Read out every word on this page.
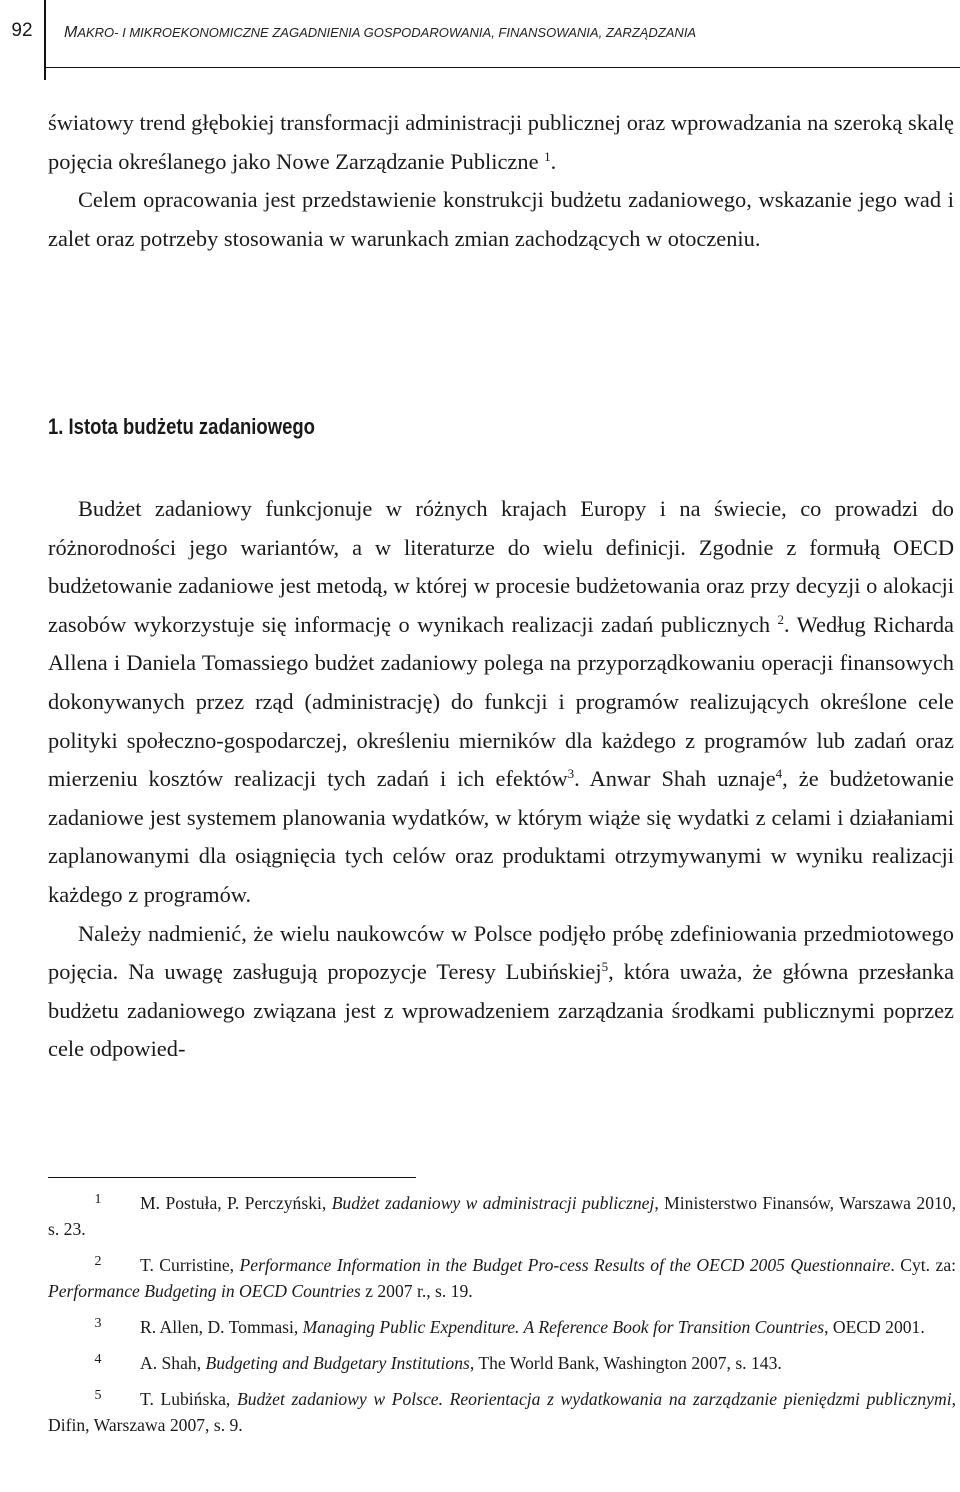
92	MAKRO- I MIKROEKONOMICZNE ZAGADNIENIA GOSPODAROWANIA, FINANSOWANIA, ZARZĄDZANIA

światowy trend głębokiej transformacji administracji publicznej oraz wprowadzania na szeroką skalę pojęcia określanego jako Nowe Zarządzanie Publiczne $^1$.

Celem opracowania jest przedstawienie konstrukcji budżetu zadaniowego, wskazanie jego wad i zalet oraz potrzeby stosowania w warunkach zmian zachodzących w otoczeniu.

1. Istota budżetu zadaniowego

Budżet zadaniowy funkcjonuje w różnych krajach Europy i na świecie, co prowadzi do różnorodności jego wariantów, a w literaturze do wielu definicji. Zgodnie z formułą OECD budżetowanie zadaniowe jest metodą, w której w procesie budżetowania oraz przy decyzji o alokacji zasobów wykorzystuje się informację o wynikach realizacji zadań publicznych $^2$. Według Richarda Allena i Daniela Tomassiego budżet zadaniowy polega na przyporządkowaniu operacji finansowych dokonywanych przez rząd (administrację) do funkcji i programów realizujących określone cele polityki społeczno-gospodarczej, określeniu mierników dla każdego z programów lub zadań oraz mierzeniu kosztów realizacji tych zadań i ich efektów$^3$. Anwar Shah uznaje$^4$, że budżetowanie zadaniowe jest systemem planowania wydatków, w którym wiąże się wydatki z celami i działaniami zaplanowanymi dla osiągnięcia tych celów oraz produktami otrzymywanymi w wyniku realizacji każdego z programów.

Należy nadmienić, że wielu naukowców w Polsce podjęło próbę zdefiniowania przedmiotowego pojęcia. Na uwagę zasługują propozycje Teresy Lubińskiej$^5$, która uważa, że główna przesłanka budżetu zadaniowego związana jest z wprowadzeniem zarządzania środkami publicznymi poprzez cele odpowied-

1 M. Postuła, P. Perczyński, Budżet zadaniowy w administracji publicznej, Ministerstwo Finansów, Warszawa 2010, s. 23.

2 T. Curristine, Performance Information in the Budget Pro-cess Results of the OECD 2005 Questionnaire. Cyt. za: Performance Budgeting in OECD Countries z 2007 r., s. 19.

3 R. Allen, D. Tommasi, Managing Public Expenditure. A Reference Book for Transition Countries, OECD 2001.

4 A. Shah, Budgeting and Budgetary Institutions, The World Bank, Washington 2007, s. 143.

5 T. Lubińska, Budżet zadaniowy w Polsce. Reorientacja z wydatkowania na zarządzanie pieniędzmi publicznymi, Difin, Warszawa 2007, s. 9.
